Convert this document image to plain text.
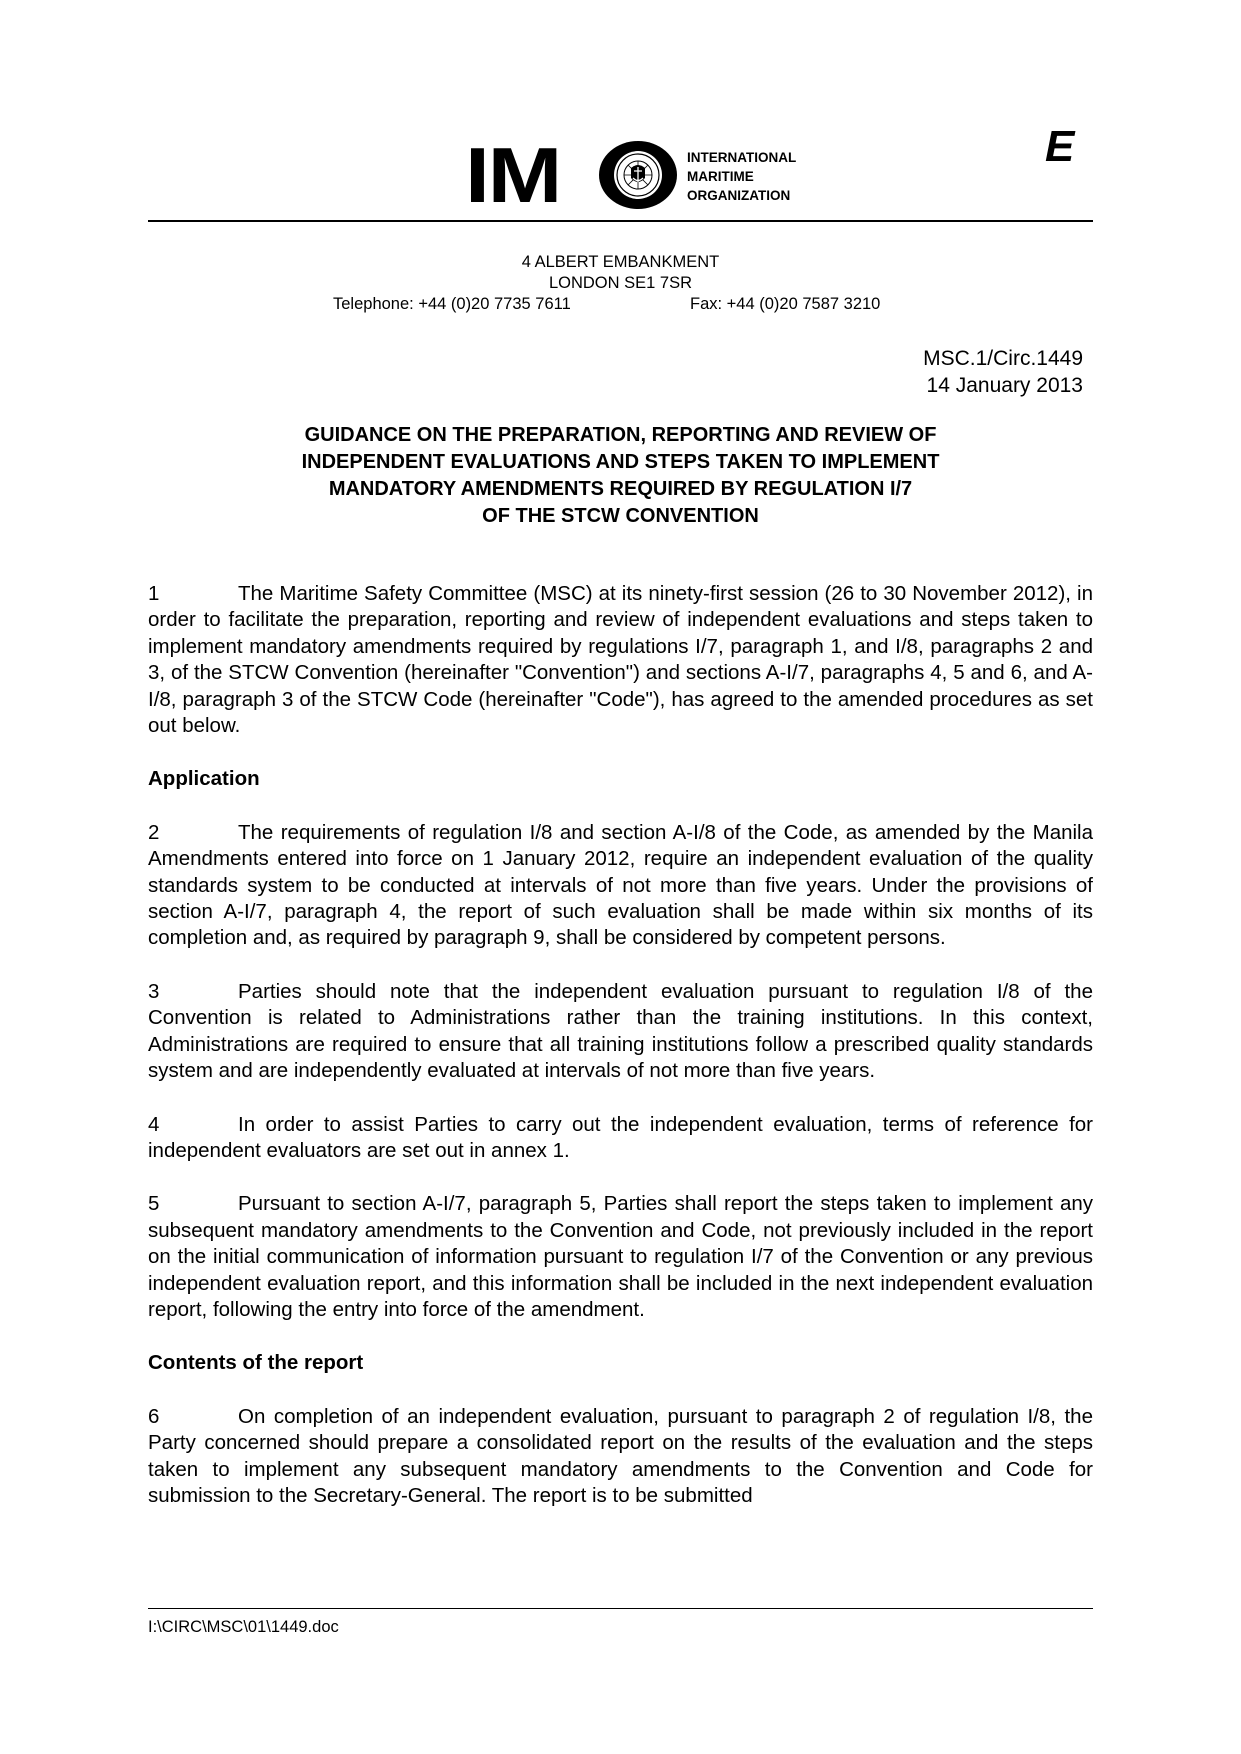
IM	INTERNATIONAL
MARITIME
ORGANIZATION
E
4 ALBERT EMBANKMENT
LONDON SE1 7SR
Telephone: +44 (0)20 7735 7611	Fax: +44 (0)20 7587 3210
MSC.1/Circ.1449
14 January 2013
GUIDANCE ON THE PREPARATION, REPORTING AND REVIEW OF
INDEPENDENT EVALUATIONS AND STEPS TAKEN TO IMPLEMENT
MANDATORY AMENDMENTS REQUIRED BY REGULATION I/7
OF THE STCW CONVENTION

1	The Maritime Safety Committee (MSC) at its ninety-first session (26 to 30 November 2012), in order to facilitate the preparation, reporting and review of independent evaluations and steps taken to implement mandatory amendments required by regulations I/7, paragraph 1, and I/8, paragraphs 2 and 3, of the STCW Convention (hereinafter "Convention") and sections A-I/7, paragraphs 4, 5 and 6, and A-I/8, paragraph 3 of the STCW Code (hereinafter "Code"), has agreed to the amended procedures as set out below.

Application

2	The requirements of regulation I/8 and section A-I/8 of the Code, as amended by the Manila Amendments entered into force on 1 January 2012, require an independent evaluation of the quality standards system to be conducted at intervals of not more than five years. Under the provisions of section A-I/7, paragraph 4, the report of such evaluation shall be made within six months of its completion and, as required by paragraph 9, shall be considered by competent persons.

3	Parties should note that the independent evaluation pursuant to regulation I/8 of the Convention is related to Administrations rather than the training institutions. In this context, Administrations are required to ensure that all training institutions follow a prescribed quality standards system and are independently evaluated at intervals of not more than five years.

4	In order to assist Parties to carry out the independent evaluation, terms of reference for independent evaluators are set out in annex 1.

5	Pursuant to section A-I/7, paragraph 5, Parties shall report the steps taken to implement any subsequent mandatory amendments to the Convention and Code, not previously included in the report on the initial communication of information pursuant to regulation I/7 of the Convention or any previous independent evaluation report, and this information shall be included in the next independent evaluation report, following the entry into force of the amendment.

Contents of the report

6	On completion of an independent evaluation, pursuant to paragraph 2 of regulation I/8, the Party concerned should prepare a consolidated report on the results of the evaluation and the steps taken to implement any subsequent mandatory amendments to the Convention and Code for submission to the Secretary-General. The report is to be submitted

I:\CIRC\MSC\01\1449.doc
